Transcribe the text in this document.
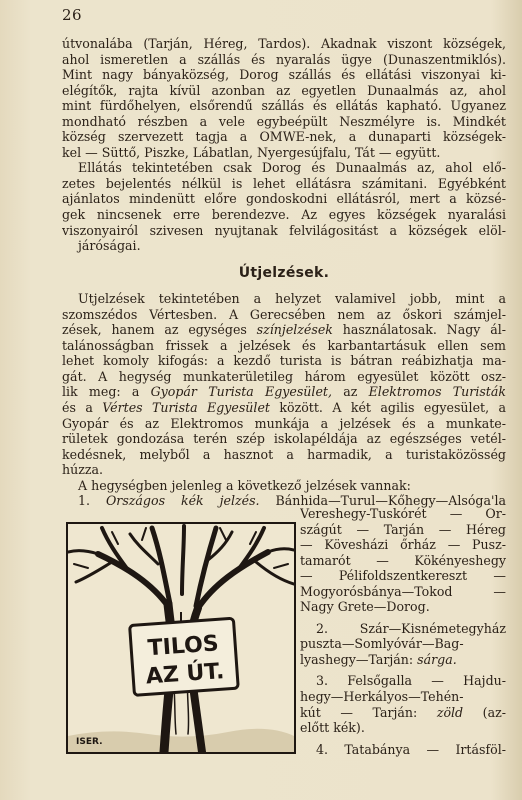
26
útvonalába (Tarján, Héreg, Tardos). Akadnak viszont községek,
ahol ismeretlen a szállás és nyaralás ügye (Dunaszentmiklós).
Mint nagy bányaközség, Dorog szállás és ellátási viszonyai ki-
elégítők, rajta kívül azonban az egyetlen Dunaalmás az, ahol
mint fürdőhelyen, elsőrendű szállás és ellátás kapható. Ugyanez
mondható részben a vele egybeépült Neszmélyre is. Mindkét
község szervezett tagja a OMWE-nek, a dunaparti községek-
kel — Süttő, Piszke, Lábatlan, Nyergesújfalu, Tát — együtt.
Ellátás tekintetében csak Dorog és Dunaalmás az, ahol elő-
zetes bejelentés nélkül is lehet ellátásra számitani. Egyébként
ajánlatos mindenütt előre gondoskodni ellátásról, mert a közsé-
gek nincsenek erre berendezve. Az egyes községek nyaralási
viszonyairól szivesen nyujtanak felvilágositást a községek elöl-
járóságai.
Útjelzések.
Utjelzések tekintetében a helyzet valamivel jobb, mint a
szomszédos Vértesben. A Gerecsében nem az őskori számjel-
zések, hanem az egységes színjelzések használatosak. Nagy ál-
talánosságban frissek a jelzések és karbantartásuk ellen sem
lehet komoly kifogás: a kezdő turista is bátran reábizhatja ma-
gát. A hegység munkaterületileg három egyesület között osz-
lik meg: a Gyopár Turista Egyesület, az Elektromos Turisták
és a Vértes Turista Egyesület között. A két agilis egyesület, a
Gyopár és az Elektromos munkája a jelzések és a munkate-
rületek gondozása terén szép iskolapéldája az egészséges vetél-
kedésnek, melyből a hasznot a harmadik, a turistaközösség
húzza.
A hegységben jelenleg a következő jelzések vannak:
1. Országos kék jelzés. Bánhida—Turul—Kőhegy—Alsóga'la
TILOS
AZ ÚT.
ISER.
Vereshegy-Tuskórét — Or-
szágút — Tarján — Héreg
— Kövesházi őrház — Pusz-
tamarót — Kökényeshegy
— Pélifoldszentkereszt —
Mogyorósbánya—Tokod —
Nagy Grete—Dorog.
2. Szár—Kisnémetegyház
puszta—Somlyóvár—Bag-
lyashegy—Tarján: sárga.
3. Felsőgalla — Hajdu-
hegy—Herkályos—Tehén-
kút — Tarján: zöld (az-
előtt kék).
4. Tatabánya — Irtásföl-
